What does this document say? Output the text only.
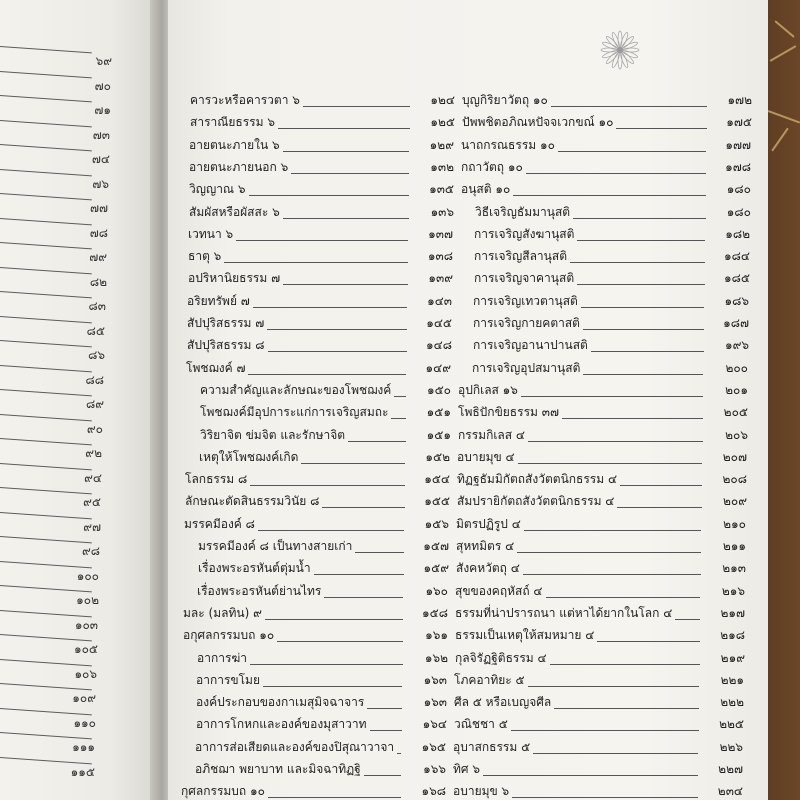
๖๙
๗๐
๗๑
๗๓
๗๔
๗๖
๗๗
๗๘
๗๙
๘๒
๘๓
๘๕
๘๖
๘๘
๘๙
๙๐
๙๒
๙๔
๙๕
๙๗
๙๘
๑๐๐
๑๐๒
๑๐๓
๑๐๕
๑๐๖
๑๐๙
๑๑๐
๑๑๑
๑๑๕
คารวะหรือคารวตา ๖	๑๒๔
สาราณียธรรม ๖	๑๒๕
อายตนะภายใน ๖	๑๒๙
อายตนะภายนอก ๖	๑๓๒
วิญญาณ ๖	๑๓๕
สัมผัสหรือผัสสะ ๖	๑๓๖
เวทนา ๖	๑๓๗
ธาตุ ๖	๑๓๘
อปริหานิยธรรม ๗	๑๓๙
อริยทรัพย์ ๗	๑๔๓
สัปปุริสธรรม ๗	๑๔๕
สัปปุริสธรรม ๘	๑๔๘
โพชฌงค์ ๗	๑๔๙
ความสำคัญและลักษณะของโพชฌงค์	๑๕๐
โพชฌงค์มีอุปการะแก่การเจริญสมถะ	๑๕๑
วิริยาจิต ข่มจิต และรักษาจิต	๑๕๑
เหตุให้โพชฌงค์เกิด	๑๕๒
โลกธรรม ๘	๑๕๔
ลักษณะตัดสินธรรมวินัย ๘	๑๕๕
มรรคมีองค์ ๘	๑๕๖
มรรคมีองค์ ๘ เป็นทางสายเก่า	๑๕๗
เรื่องพระอรหันต์ตุ่มน้ำ	๑๕๙
เรื่องพระอรหันต์ย่านไทร	๑๖๐
มละ (มลทิน) ๙	๑๕๘
อกุศลกรรมบถ ๑๐	๑๖๑
อาการฆ่า	๑๖๒
อาการขโมย	๑๖๓
องค์ประกอบของกาเมสุมิจฉาจาร	๑๖๓
อาการโกหกและองค์ของมุสาวาท	๑๖๔
อาการส่อเสียดและองค์ของปิสุณาวาจา	๑๖๕
อภิชฌา พยาบาท และมิจฉาทิฏฐิ	๑๖๖
กุศลกรรมบถ ๑๐	๑๖๘
บุญกิริยาวัตถุ ๑๐	๑๗๒
ปัพพชิตอภิณหปัจจเวกขณ์ ๑๐	๑๗๕
นาถกรณธรรม ๑๐	๑๗๗
กถาวัตถุ ๑๐	๑๗๘
อนุสติ ๑๐	๑๘๐
วิธีเจริญธัมมานุสติ	๑๘๐
การเจริญสังฆานุสติ	๑๘๒
การเจริญสีลานุสติ	๑๘๔
การเจริญจาคานุสติ	๑๘๕
การเจริญเทวตานุสติ	๑๘๖
การเจริญกายคตาสติ	๑๘๗
การเจริญอานาปานสติ	๑๙๖
การเจริญอุปสมานุสติ	๒๐๐
อุปกิเลส ๑๖	๒๐๑
โพธิปักขิยธรรม ๓๗	๒๐๕
กรรมกิเลส ๔	๒๐๖
อบายมุข ๔	๒๐๗
ทิฏฐธัมมิกัตถสังวัตตนิกธรรม ๔	๒๐๘
สัมปรายิกัตถสังวัตตนิกธรรม ๔	๒๐๙
มิตรปฏิรูป ๔	๒๑๐
สุหทมิตร ๔	๒๑๑
สังคหวัตถุ ๔	๒๑๓
สุขของคฤหัสถ์ ๔	๒๑๖
ธรรมที่น่าปรารถนา แต่หาได้ยากในโลก ๔	๒๑๗
ธรรมเป็นเหตุให้สมหมาย ๔	๒๑๘
กุลจิรัฏฐิติธรรม ๔	๒๑๙
โภคอาทิยะ ๕	๒๒๑
ศีล ๕ หรือเบญจศีล	๒๒๒
วณิชชา ๕	๒๒๕
อุบาสกธรรม ๕	๒๒๖
ทิศ ๖	๒๒๗
อบายมุข ๖	๒๓๔
